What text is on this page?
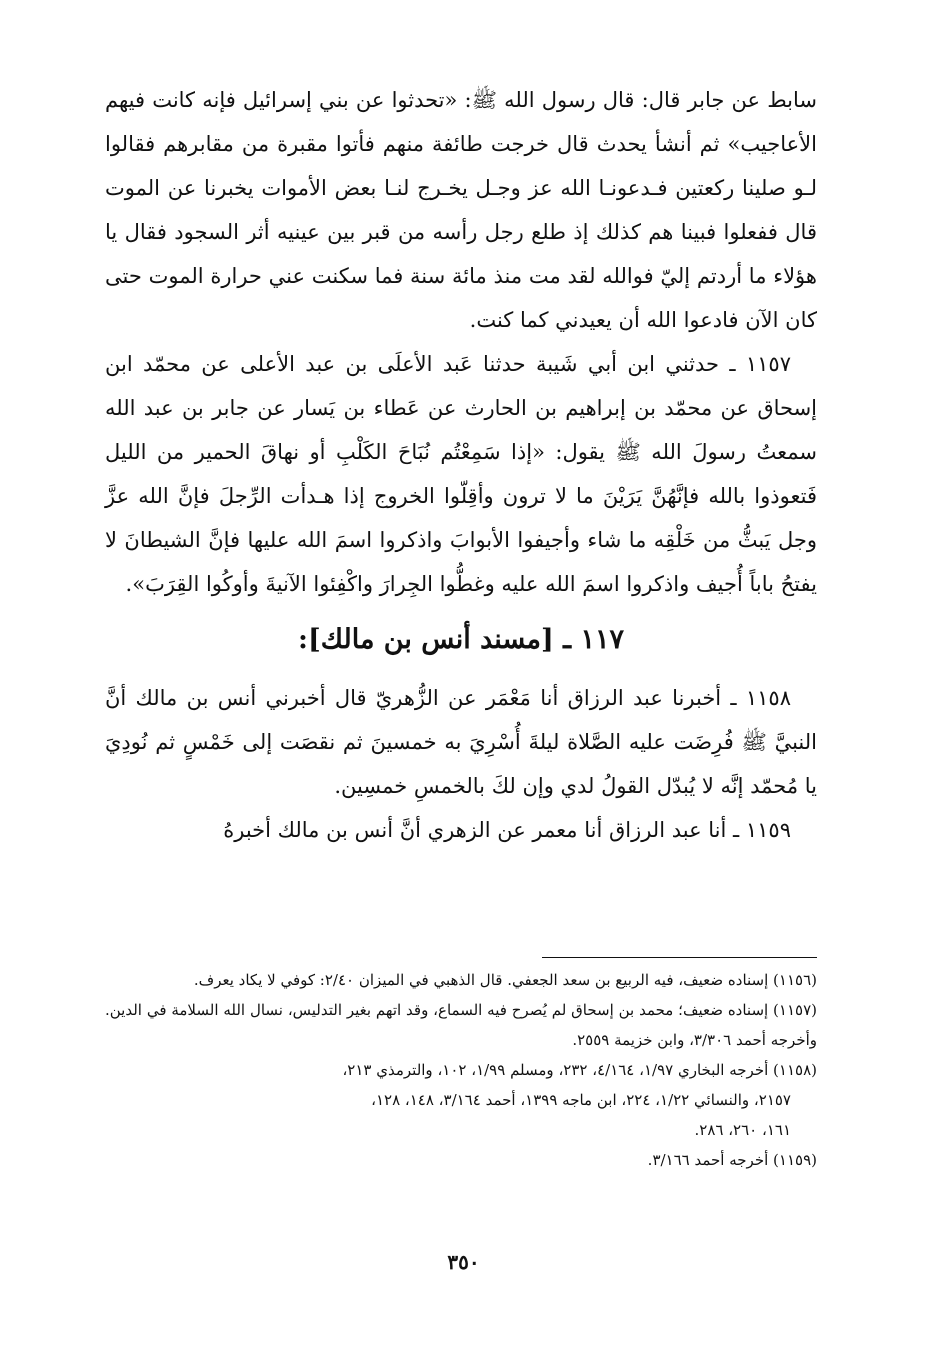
سابط عن جابر قال: قال رسول الله ﷺ: «تحدثوا عن بني إسرائيل فإنه كانت فيهم الأعاجيب» ثم أنشأ يحدث قال خرجت طائفة منهم فأتوا مقبرة من مقابرهم فقالوا لـو صلينا ركعتين فـدعونـا الله عز وجـل يخـرج لنـا بعض الأموات يخبرنا عن الموت قال ففعلوا فبينا هم كذلك إذ طلع رجل رأسه من قبر بين عينيه أثر السجود فقال يا هؤلاء ما أردتم إليّ فوالله لقد مت منذ مائة سنة فما سكنت عني حرارة الموت حتى كان الآن فادعوا الله أن يعيدني كما كنت.

١١٥٧ ـ حدثني ابن أبي شَيبة حدثنا عَبد الأعلَى بن عبد الأعلى عن محمّد ابن إسحاق عن محمّد بن إبراهيم بن الحارث عن عَطاء بن يَسار عن جابر بن عبد الله سمعتُ رسولَ الله ﷺ يقول: «إذا سَمِعْتُم نُبَاحَ الكَلْبِ أو نهاقَ الحمير من الليل فَتعوذوا بالله فإنَّهُنَّ يَرَيْنَ ما لا ترون وأقِلّوا الخروج إذا هـدأت الرِّجلَ فإنَّ الله عزَّ وجل يَبثُّ من خَلْقِه ما شاء وأجيفوا الأبوابَ واذكروا اسمَ الله عليها فإنَّ الشيطانَ لا يفتحُ باباً أُجيف واذكروا اسمَ الله عليه وغطُّوا الجِرارَ واكْفِئوا الآنيةَ وأوكُوا القِرَبَ».

١١٧ ـ [مسند أنس بن مالك]:

١١٥٨ ـ أخبرنا عبد الرزاق أنا مَعْمَر عن الزُّهريّ قال أخبرني أنس بن مالك أنَّ النبيَّ ﷺ فُرِضَت عليه الصَّلاة ليلةَ أُسْرِيَ به خمسينَ ثم نقصَت إلى خَمْسٍ ثم نُودِيَ يا مُحمّد إنَّه لا يُبدّل القولُ لدي وإن لكَ بالخمسِ خمسِين.

١١٥٩ ـ أنا عبد الرزاق أنا معمر عن الزهري أنَّ أنس بن مالك أخبرهُ

(١١٥٦) إسناده ضعيف، فيه الربيع بن سعد الجعفي. قال الذهبي في الميزان ٢/٤٠: كوفي لا يكاد يعرف.

(١١٥٧) إسناده ضعيف؛ محمد بن إسحاق لم يُصرح فيه السماع، وقد اتهم بغير التدليس، نسال الله السلامة في الدين. وأخرجه أحمد ٣/٣٠٦، وابن خزيمة ٢٥٥٩.

(١١٥٨) أخرجه البخاري ١/٩٧، ٤/١٦٤، ٢٣٢، ومسلم ١/٩٩، ١٠٢، والترمذي ٢١٣،

٢١٥٧، والنسائي ١/٢٢، ٢٢٤، ابن ماجه ١٣٩٩، أحمد ٣/١٦٤، ١٤٨، ١٢٨،

١٦١، ٢٦٠، ٢٨٦.

(١١٥٩) أخرجه أحمد ٣/١٦٦.

٣٥٠
